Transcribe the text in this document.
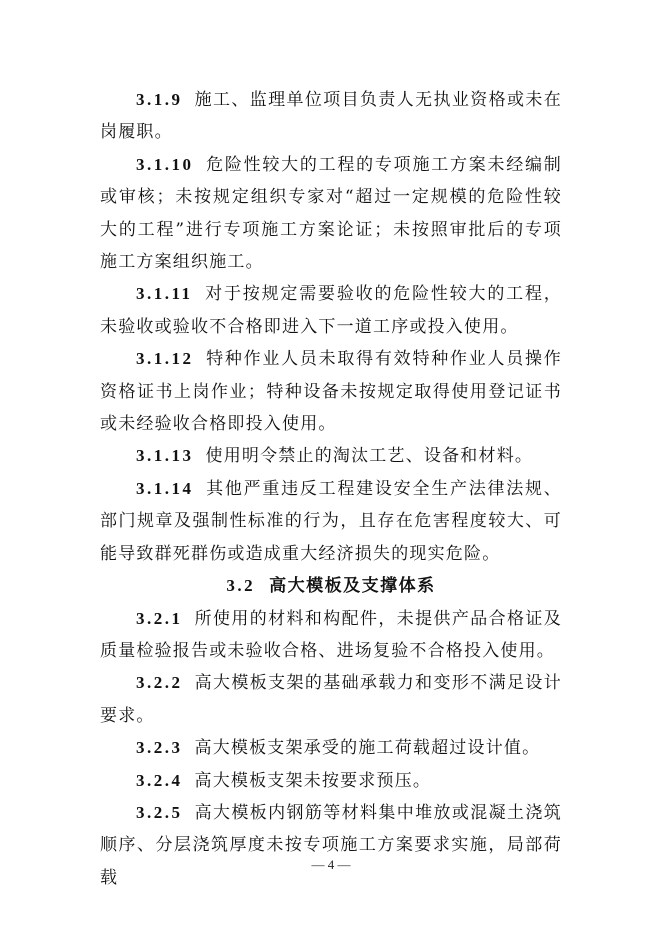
3.1.9 施工、监理单位项目负责人无执业资格或未在岗履职。

3.1.10 危险性较大的工程的专项施工方案未经编制或审核；未按规定组织专家对“超过一定规模的危险性较大的工程”进行专项施工方案论证；未按照审批后的专项施工方案组织施工。

3.1.11 对于按规定需要验收的危险性较大的工程，未验收或验收不合格即进入下一道工序或投入使用。

3.1.12 特种作业人员未取得有效特种作业人员操作资格证书上岗作业；特种设备未按规定取得使用登记证书或未经验收合格即投入使用。

3.1.13 使用明令禁止的淘汰工艺、设备和材料。

3.1.14 其他严重违反工程建设安全生产法律法规、部门规章及强制性标准的行为，且存在危害程度较大、可能导致群死群伤或造成重大经济损失的现实危险。

3.2 高大模板及支撑体系

3.2.1 所使用的材料和构配件，未提供产品合格证及质量检验报告或未验收合格、进场复验不合格投入使用。

3.2.2 高大模板支架的基础承载力和变形不满足设计要求。

3.2.3 高大模板支架承受的施工荷载超过设计值。

3.2.4 高大模板支架未按要求预压。

3.2.5 高大模板内钢筋等材料集中堆放或混凝土浇筑顺序、分层浇筑厚度未按专项施工方案要求实施，局部荷载

— 4 —
